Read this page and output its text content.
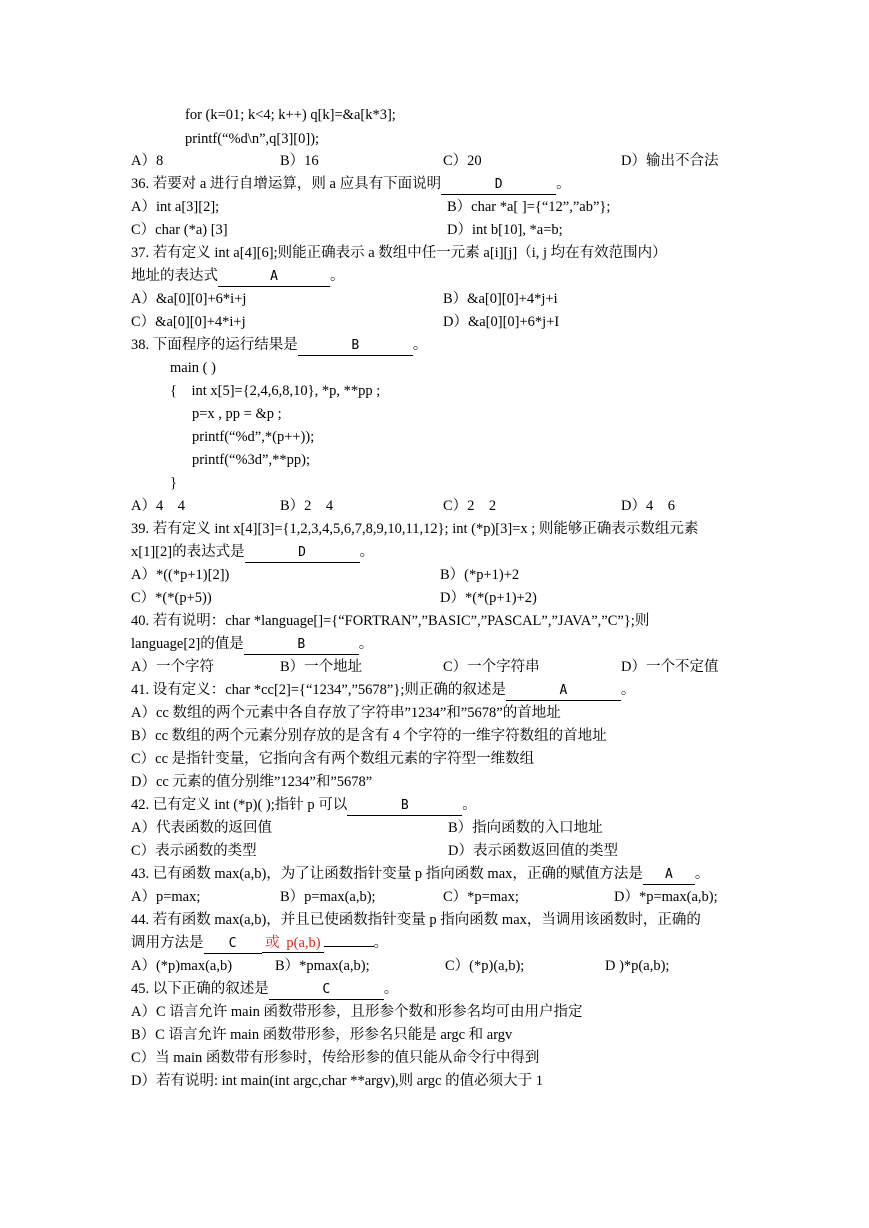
for (k=01; k<4; k++) q[k]=&a[k*3];
printf(“%d\n”,q[3][0]);
A）8	B）16	C）20	D）输出不合法
36. 若要对 a 进行自增运算，则 a 应具有下面说明	D	。
A）int a[3][2];	B）char *a[ ]={“12”,”ab”};
C）char (*a) [3]	D）int b[10], *a=b;
37. 若有定义 int a[4][6];则能正确表示 a 数组中任一元素 a[i][j]（i, j 均在有效范围内）
地址的表达式	A	。
A）&a[0][0]+6*i+j	B）&a[0][0]+4*j+i
C）&a[0][0]+4*i+j	D）&a[0][0]+6*j+I
38. 下面程序的运行结果是	B	。
main ( )
{    int x[5]={2,4,6,8,10}, *p, **pp ;
p=x , pp = &p ;
printf(“%d”,*(p++));
printf(“%3d”,**pp);
}
A）4    4	B）2    4	C）2    2	D）4    6
39. 若有定义 int x[4][3]={1,2,3,4,5,6,7,8,9,10,11,12}; int (*p)[3]=x ; 则能够正确表示数组元素
x[1][2]的表达式是	D	。
A）*((*p+1)[2])	B）(*p+1)+2
C）*(*(p+5))	D）*(*(p+1)+2)
40. 若有说明：char *language[]={“FORTRAN”,”BASIC”,”PASCAL”,”JAVA”,”C”};则
language[2]的值是	B	。
A）一个字符	B）一个地址	C）一个字符串	D）一个不定值
41. 设有定义：char *cc[2]={“1234”,”5678”};则正确的叙述是	A	。
A）cc 数组的两个元素中各自存放了字符串”1234”和”5678”的首地址
B）cc 数组的两个元素分别存放的是含有 4 个字符的一维字符数组的首地址
C）cc 是指针变量，它指向含有两个数组元素的字符型一维数组
D）cc 元素的值分别维”1234”和”5678”
42. 已有定义 int (*p)( );指针 p 可以	B	。
A）代表函数的返回值	B）指向函数的入口地址
C）表示函数的类型	D）表示函数返回值的类型
43. 已有函数 max(a,b)，为了让函数指针变量 p 指向函数 max，正确的赋值方法是 A 。
A）p=max;	B）p=max(a,b);	C）*p=max;	D）*p=max(a,b);
44. 若有函数 max(a,b)，并且已使函数指针变量 p 指向函数 max，当调用该函数时，正确的
调用方法是 C 或 p(a,b)	。
A）(*p)max(a,b)	B）*pmax(a,b);	C）(*p)(a,b);	D )*p(a,b);
45. 以下正确的叙述是	C	。
A）C 语言允许 main 函数带形参，且形参个数和形参名均可由用户指定
B）C 语言允许 main 函数带形参，形参名只能是 argc 和 argv
C）当 main 函数带有形参时，传给形参的值只能从命令行中得到
D）若有说明: int main(int argc,char **argv),则 argc 的值必须大于 1
